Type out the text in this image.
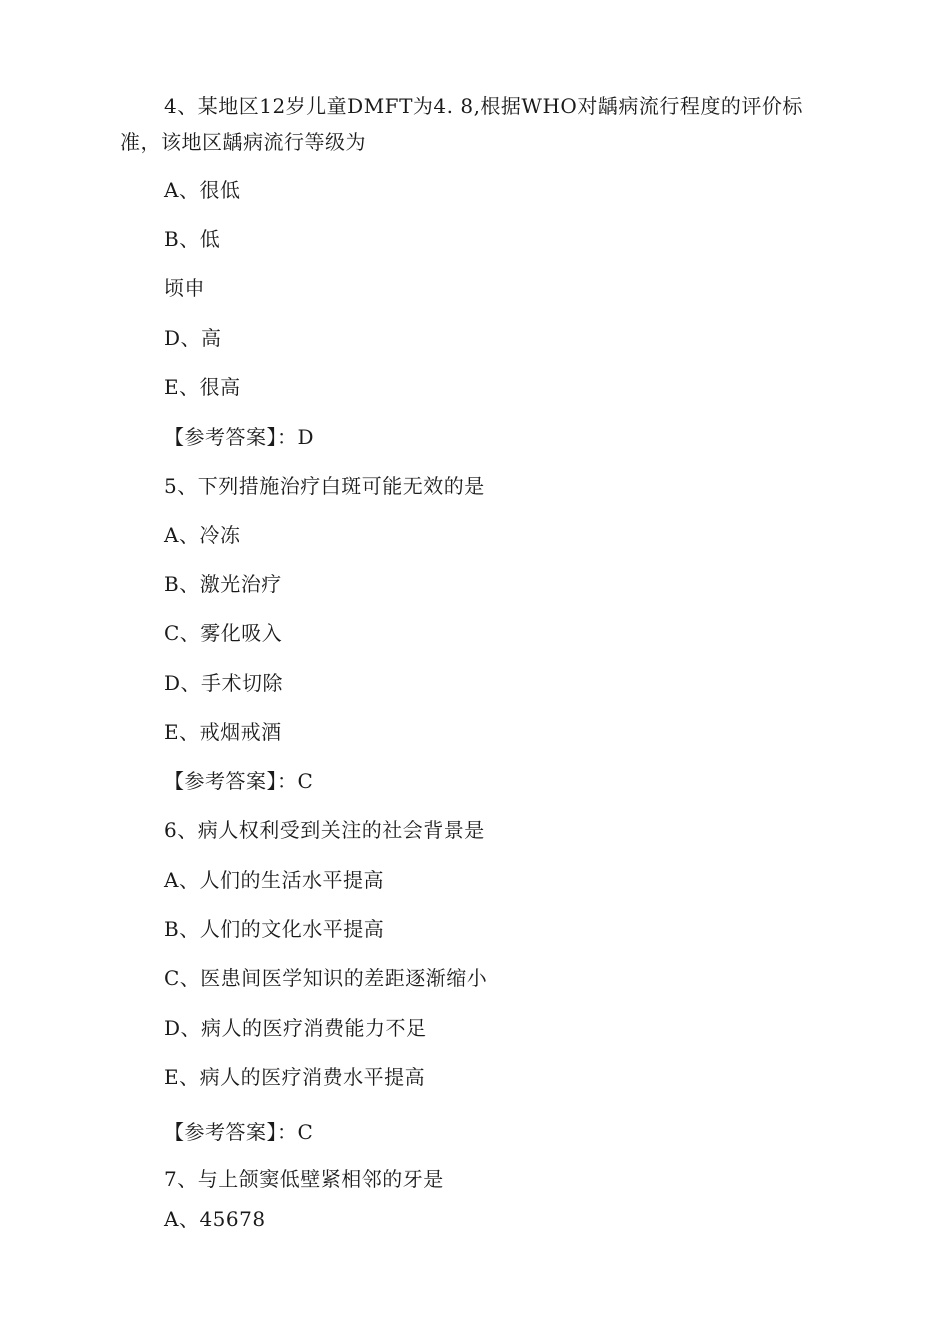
4、某地区12岁儿童DMFT为4. 8,根据WHO对龋病流行程度的评价标
准，该地区龋病流行等级为
A、很低
B、低
顷申
D、高
E、很高
【参考答案】：D
5、下列措施治疗白斑可能无效的是
A、冷冻
B、激光治疗
C、雾化吸入
D、手术切除
E、戒烟戒酒
【参考答案】：C
6、病人权利受到关注的社会背景是
A、人们的生活水平提高
B、人们的文化水平提高
C、医患间医学知识的差距逐渐缩小
D、病人的医疗消费能力不足
E、病人的医疗消费水平提高
【参考答案】：C
7、与上颌窦低壁紧相邻的牙是
A、45678
